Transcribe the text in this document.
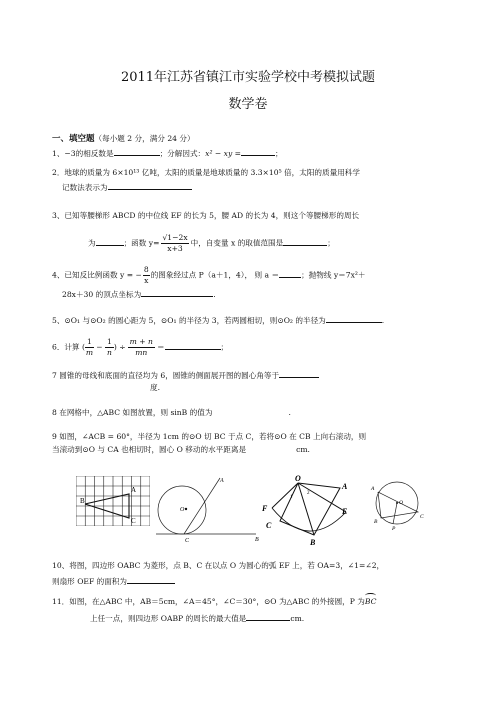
2011年江苏省镇江市实验学校中考模拟试题
数学卷
一、填空题（每小题 2 分，满分 24 分）
1、−3的相反数是	；分解因式：x² − xy =	；
2．地球的质量为 6×10¹³ 亿吨，太阳的质量是地球质量的 3.3×10⁵ 倍，太阳的质量用科学
记数法表示为
3、已知等腰梯形 ABCD 的中位线 EF 的长为 5，腰 AD 的长为 4，则这个等腰梯形的周长
为	；函数 $y= \frac{√1-2x}{x+3}$ 中，自变量 x 的取值范围是	；
4、已知反比例函数 y = − $\frac{8}{x}$ 的图象经过点 P（a＋1，4）， 则 a ＝	；抛物线 y＝7x²＋
28x＋30 的顶点坐标为	.
5、⊙O₁ 与⊙O₂ 的圆心距为 5，⊙O₁ 的半径为 3，若两圆相切，则⊙O₂ 的半径为	.
6．计算 ( $\frac{1}{m} - \frac{1}{n}$ ) ÷ $\frac{m + n}{mn}$ ＝	；
7 圆锥的母线和底面的直径均为 6，圆锥的侧面展开图的圆心角等于
度.
8 在网格中，△ABC 如图放置，则 sinB 的值为	.
9 如图，∠ACB = 60°，半径为 1cm 的⊙O 切 BC 于点 C，若将⊙O 在 CB 上向右滚动，则
当滚动到⊙O 与 CA 也相切时，圆心 O 移动的水平距离是	cm.
B
A
C
O
A
C	B
O
A
F	E
C
B
1
2
A
O
B
P
C
10、将图，四边形 OABC 为菱形，点 B、C 在以点 O 为圆心的弧 EF 上，若 OA=3，∠1=∠2，
则扇形 OEF 的面积为
11．如图，在△ABC 中，AB＝5cm，∠A＝45°，∠C＝30°，⊙O 为△ABC 的外接圆，P 为
BC
上任一点，则四边形 OABP 的周长的最大值是	cm.
